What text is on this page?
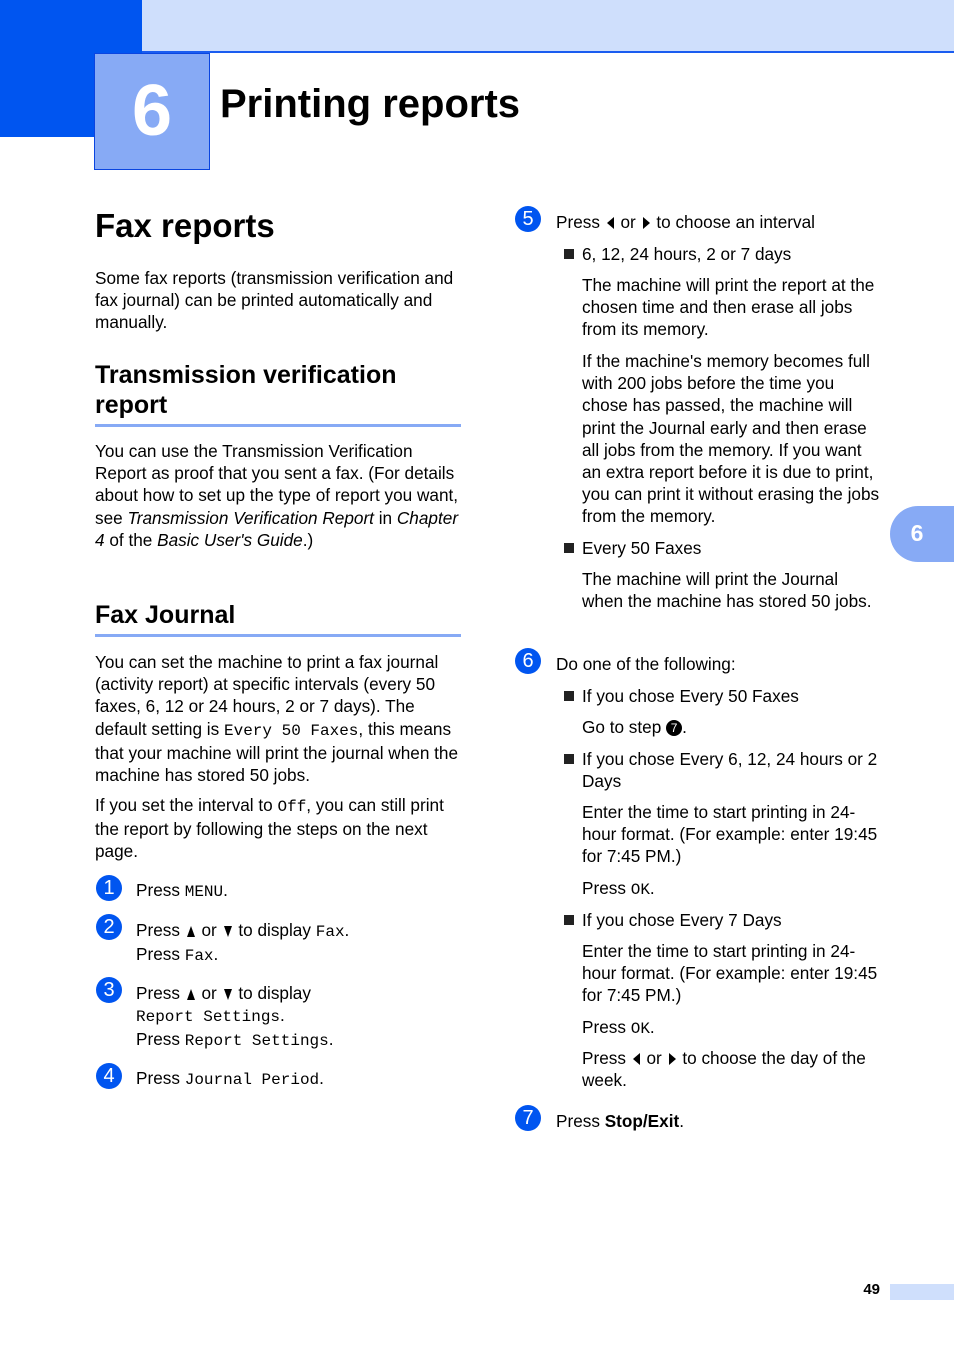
6	Printing reports
6
Fax reports
Some fax reports (transmission verification and fax journal) can be printed automatically and manually.
Transmission verification report
You can use the Transmission Verification Report as proof that you sent a fax. (For details about how to set up the type of report you want, see Transmission Verification Report in Chapter 4 of the Basic User's Guide.)
Fax Journal
You can set the machine to print a fax journal (activity report) at specific intervals (every 50 faxes, 6, 12 or 24 hours, 2 or 7 days). The default setting is Every 50 Faxes, this means that your machine will print the journal when the machine has stored 50 jobs.
If you set the interval to Off, you can still print the report by following the steps on the next page.
1	Press MENU.
2	Press  or  to display Fax.
Press Fax.
3	Press  or  to display
Report Settings.
Press Report Settings.
4	Press Journal Period.
5	Press  or  to choose an interval
6, 12, 24 hours, 2 or 7 days
The machine will print the report at the chosen time and then erase all jobs from its memory.
If the machine's memory becomes full with 200 jobs before the time you chose has passed, the machine will print the Journal early and then erase all jobs from the memory. If you want an extra report before it is due to print, you can print it without erasing the jobs from the memory.
Every 50 Faxes
The machine will print the Journal when the machine has stored 50 jobs.
6	Do one of the following:
If you chose Every 50 Faxes
Go to step 7 .
If you chose Every 6, 12, 24 hours or 2 Days
Enter the time to start printing in 24-hour format. (For example: enter 19:45 for 7:45 PM.)
Press OK.
If you chose Every 7 Days
Enter the time to start printing in 24-hour format. (For example: enter 19:45 for 7:45 PM.)
Press OK.
Press  or  to choose the day of the week.
7	Press Stop/Exit.
49
